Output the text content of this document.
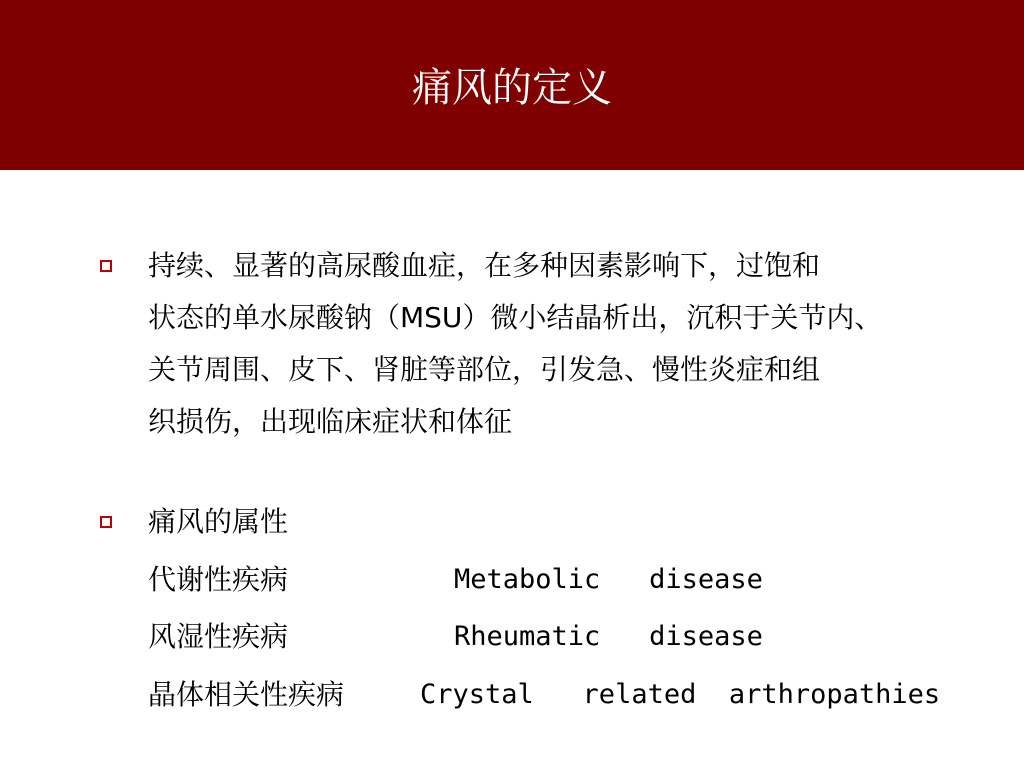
痛风的定义
持续、显著的高尿酸血症，在多种因素影响下，过饱和
状态的单水尿酸钠（MSU）微小结晶析出，沉积于关节内、
关节周围、皮下、肾脏等部位，引发急、慢性炎症和组
织损伤，出现临床症状和体征
痛风的属性
代谢性疾病	Metabolic   disease
风湿性疾病	Rheumatic   disease
晶体相关性疾病	Crystal   related  arthropathies
